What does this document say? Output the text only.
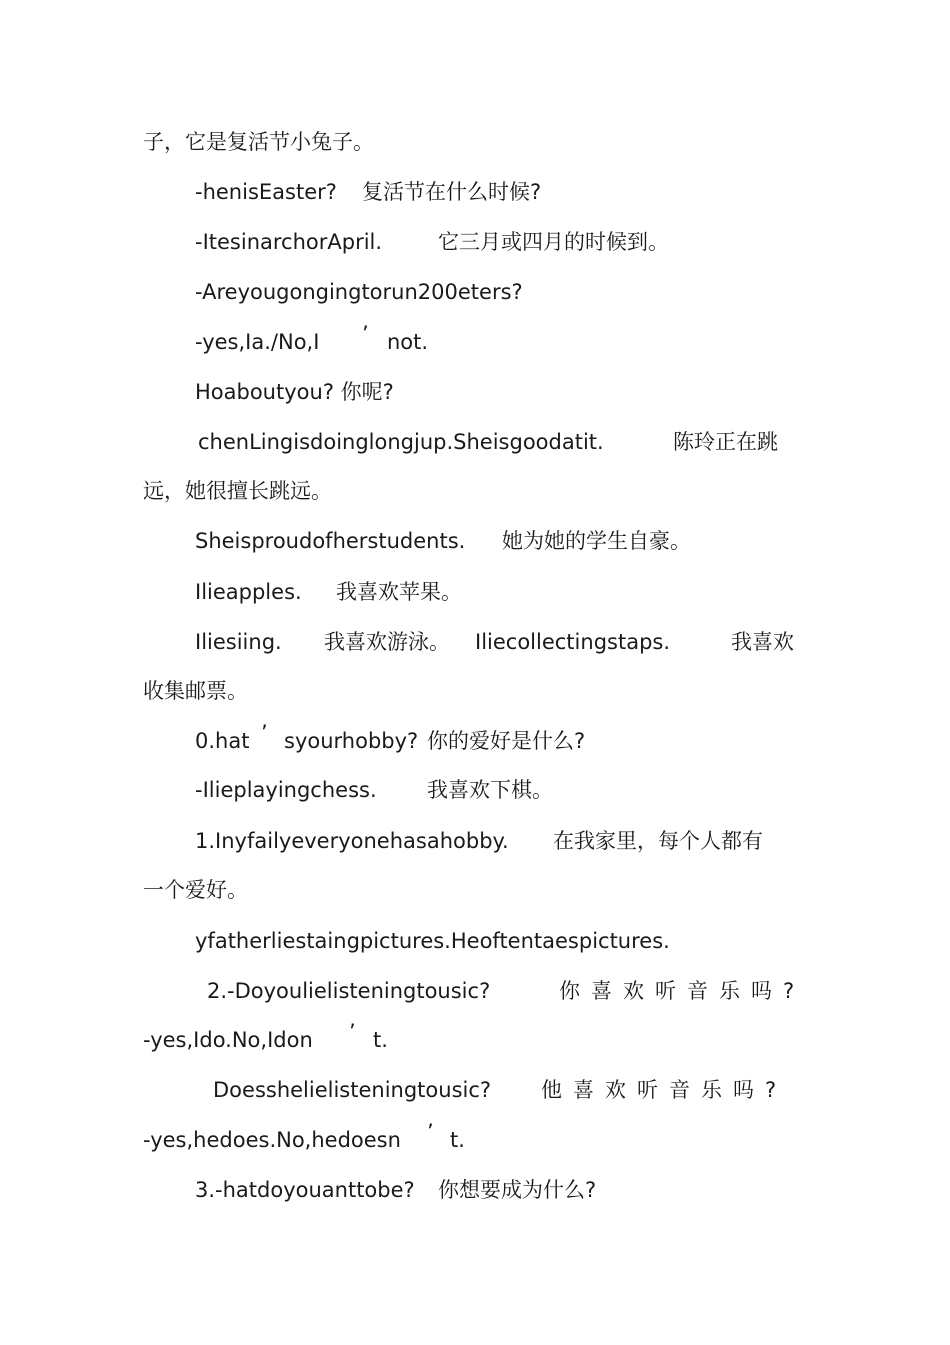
子，它是复活节小兔子。
-henisEaster? 复活节在什么时候?
-ItesinarchorApril.	它三月或四月的时候到。
-Areyougongingtorun200eters?
-yes,Ia./No,I ’ not.
Hoaboutyou? 你呢?
chenLingisdoinglongjup.Sheisgoodatit.	陈玲正在跳
远，她很擅长跳远。
Sheisproudofherstudents. 她为她的学生自豪。
Ilieapples. 我喜欢苹果。
Iliesiing. 我喜欢游泳。 Iliecollectingstaps.	我喜欢
收集邮票。
0.hat ’ syourhobby? 你的爱好是什么?
-Ilieplayingchess. 我喜欢下棋。
1.Inyfailyeveryonehasahobby. 在我家里，每个人都有
一个爱好。
yfatherliestaingpictures.Heoftentaespictures.
2.-Doyoulielisteningtousic?	你喜欢听音乐吗?
-yes,Ido.No,Idon ’ t.
Doesshelielisteningtousic? 他喜欢听音乐吗?
-yes,hedoes.No,hedoesn ’ t.
3.-hatdoyouanttobe? 你想要成为什么?
